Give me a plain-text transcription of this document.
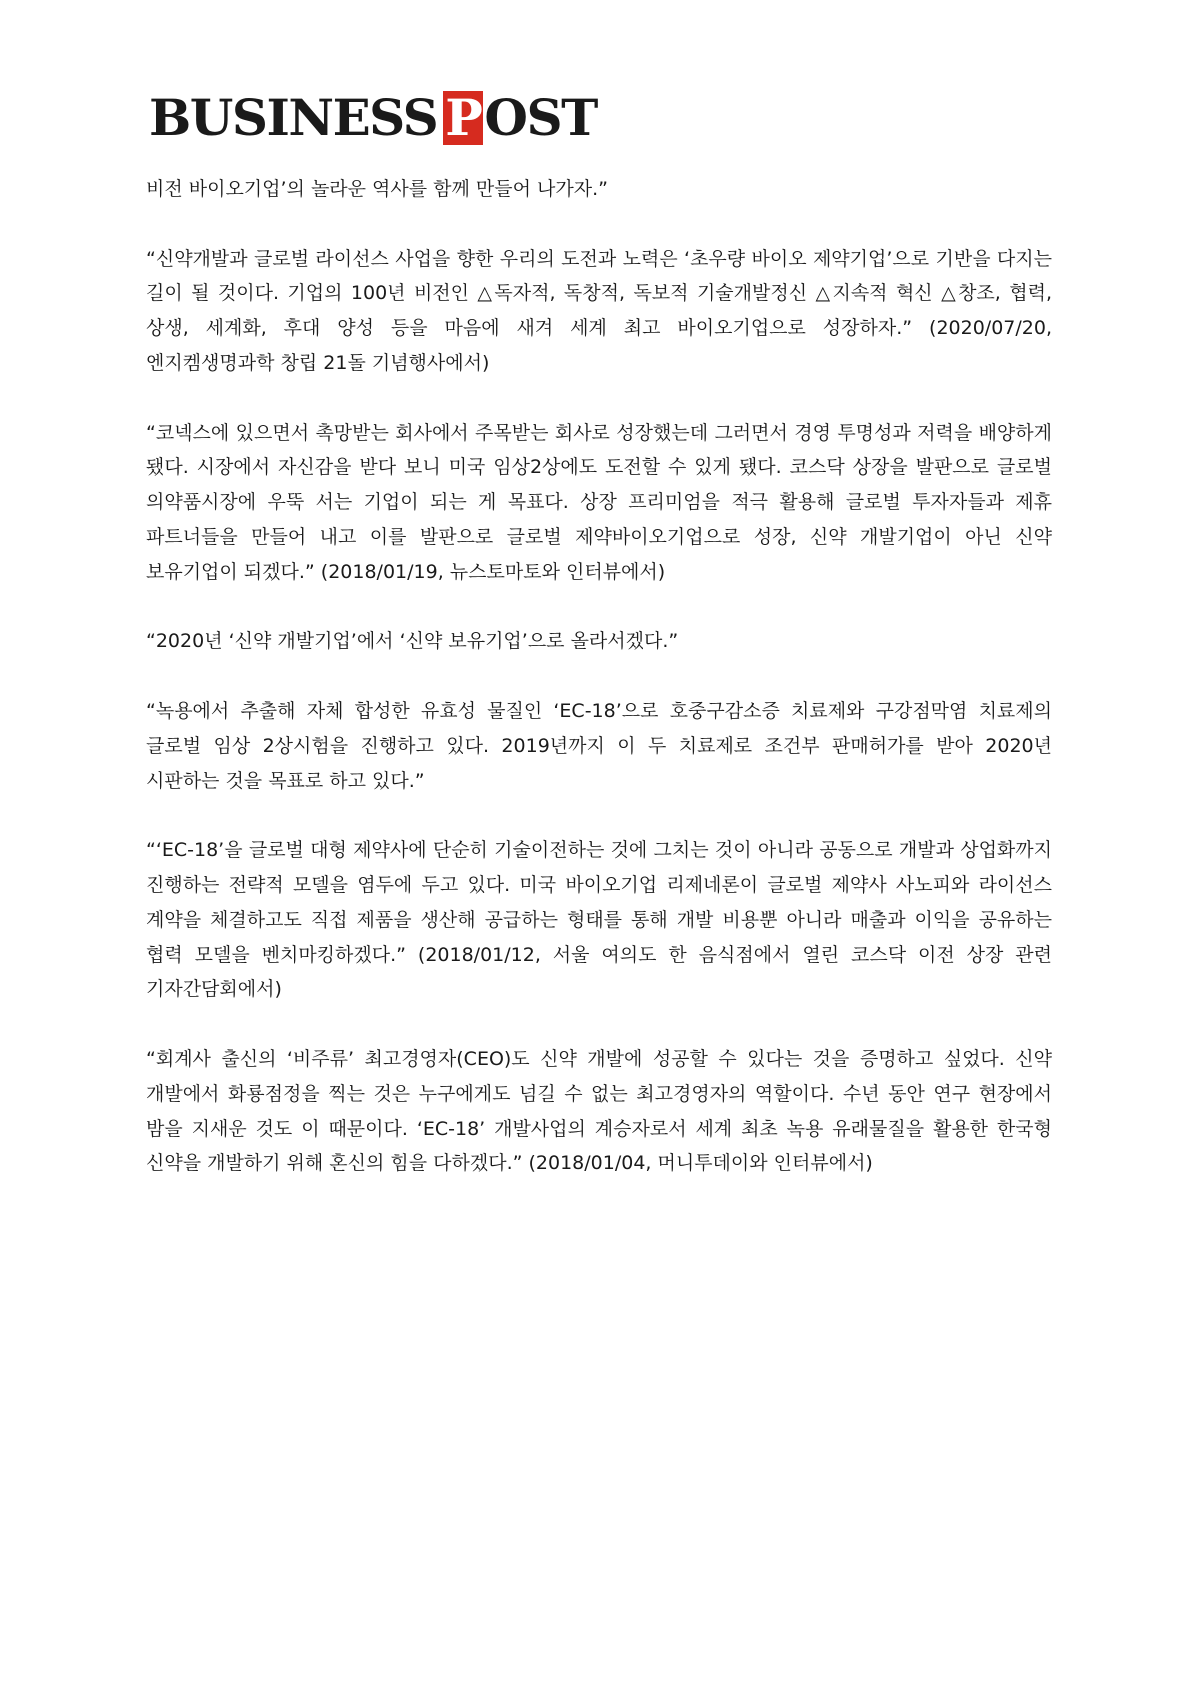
BUSINESS P OST

비전 바이오기업’의 놀라운 역사를 함께 만들어 나가자.”

“신약개발과 글로벌 라이선스 사업을 향한 우리의 도전과 노력은 ‘초우량 바이오 제약기업’으로 기반을 다지는 길이 될 것이다. 기업의 100년 비전인 △독자적, 독창적, 독보적 기술개발정신 △지속적 혁신 △창조, 협력, 상생, 세계화, 후대 양성 등을 마음에 새겨 세계 최고 바이오기업으로 성장하자.” (2020/07/20, 엔지켐생명과학 창립 21돌 기념행사에서)

“코넥스에 있으면서 촉망받는 회사에서 주목받는 회사로 성장했는데 그러면서 경영 투명성과 저력을 배양하게 됐다. 시장에서 자신감을 받다 보니 미국 임상2상에도 도전할 수 있게 됐다. 코스닥 상장을 발판으로 글로벌 의약품시장에 우뚝 서는 기업이 되는 게 목표다. 상장 프리미엄을 적극 활용해 글로벌 투자자들과 제휴 파트너들을 만들어 내고 이를 발판으로 글로벌 제약바이오기업으로 성장, 신약 개발기업이 아닌 신약 보유기업이 되겠다.” (2018/01/19, 뉴스토마토와 인터뷰에서)

“2020년 ‘신약 개발기업’에서 ‘신약 보유기업’으로 올라서겠다.”

“녹용에서 추출해 자체 합성한 유효성 물질인 ‘EC-18’으로 호중구감소증 치료제와 구강점막염 치료제의 글로벌 임상 2상시험을 진행하고 있다. 2019년까지 이 두 치료제로 조건부 판매허가를 받아 2020년 시판하는 것을 목표로 하고 있다.”

“‘EC-18’을 글로벌 대형 제약사에 단순히 기술이전하는 것에 그치는 것이 아니라 공동으로 개발과 상업화까지 진행하는 전략적 모델을 염두에 두고 있다. 미국 바이오기업 리제네론이 글로벌 제약사 사노피와 라이선스 계약을 체결하고도 직접 제품을 생산해 공급하는 형태를 통해 개발 비용뿐 아니라 매출과 이익을 공유하는 협력 모델을 벤치마킹하겠다.” (2018/01/12, 서울 여의도 한 음식점에서 열린 코스닥 이전 상장 관련 기자간담회에서)

“회계사 출신의 ‘비주류’ 최고경영자(CEO)도 신약 개발에 성공할 수 있다는 것을 증명하고 싶었다. 신약 개발에서 화룡점정을 찍는 것은 누구에게도 넘길 수 없는 최고경영자의 역할이다. 수년 동안 연구 현장에서 밤을 지새운 것도 이 때문이다. ‘EC-18’ 개발사업의 계승자로서 세계 최초 녹용 유래물질을 활용한 한국형 신약을 개발하기 위해 혼신의 힘을 다하겠다.” (2018/01/04, 머니투데이와 인터뷰에서)
